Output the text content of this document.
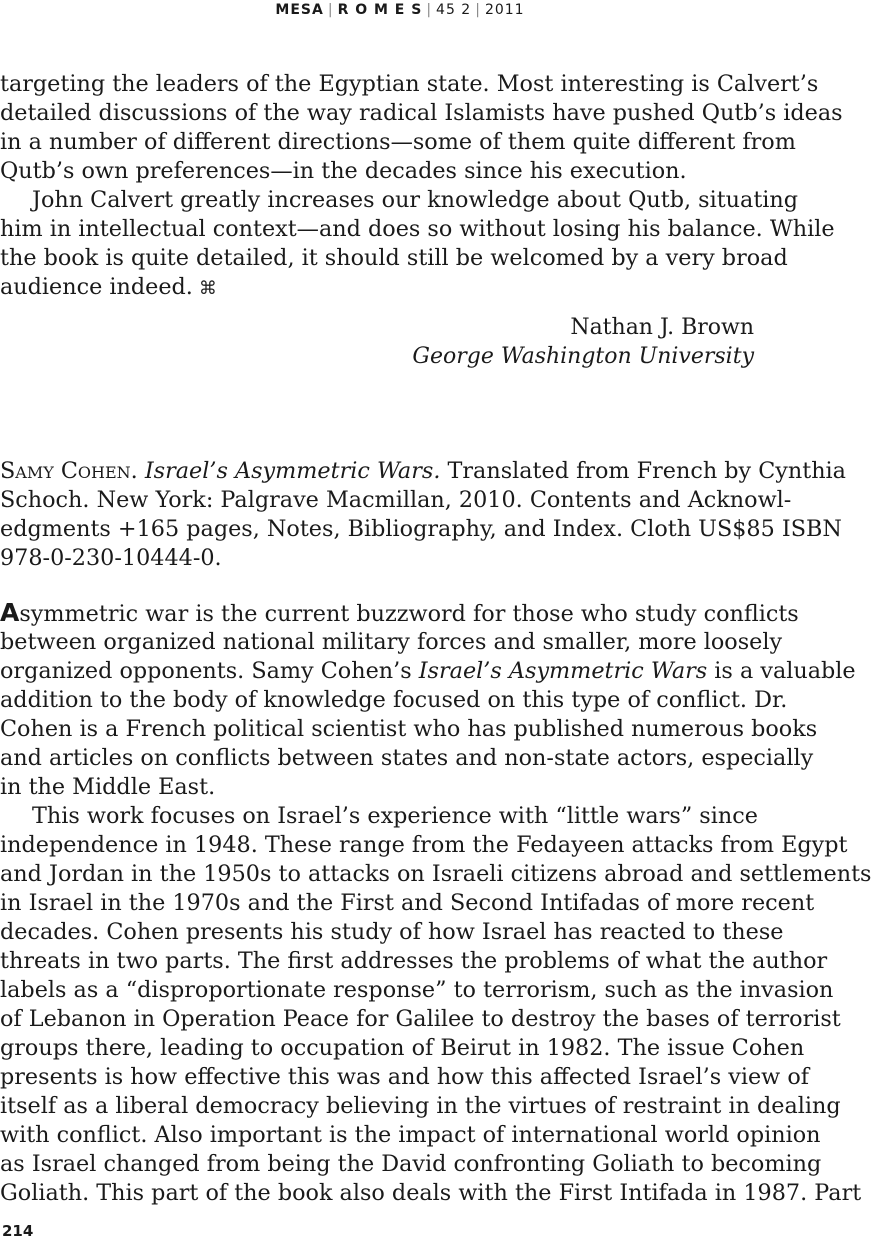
MESA | R O M E S | 45 2 | 2011
targeting the leaders of the Egyptian state. Most interesting is Calvert’s
detailed discussions of the way radical Islamists have pushed Qutb’s ideas
in a number of different directions—some of them quite different from
Qutb’s own preferences—in the decades since his execution.
John Calvert greatly increases our knowledge about Qutb, situating
him in intellectual context—and does so without losing his balance. While
the book is quite detailed, it should still be welcomed by a very broad
audience indeed. ⌘
Nathan J. Brown
George Washington University
Samy Cohen. Israel’s Asymmetric Wars. Translated from French by Cynthia
Schoch. New York: Palgrave Macmillan, 2010. Contents and Acknowl-
edgments +165 pages, Notes, Bibliography, and Index. Cloth US$85 ISBN
978-0-230-10444-0.
Asymmetric war is the current buzzword for those who study conflicts
between organized national military forces and smaller, more loosely
organized opponents. Samy Cohen’s Israel’s Asymmetric Wars is a valuable
addition to the body of knowledge focused on this type of conflict. Dr.
Cohen is a French political scientist who has published numerous books
and articles on conflicts between states and non-state actors, especially
in the Middle East.
This work focuses on Israel’s experience with “little wars” since
independence in 1948. These range from the Fedayeen attacks from Egypt
and Jordan in the 1950s to attacks on Israeli citizens abroad and settlements
in Israel in the 1970s and the First and Second Intifadas of more recent
decades. Cohen presents his study of how Israel has reacted to these
threats in two parts. The first addresses the problems of what the author
labels as a “disproportionate response” to terrorism, such as the invasion
of Lebanon in Operation Peace for Galilee to destroy the bases of terrorist
groups there, leading to occupation of Beirut in 1982. The issue Cohen
presents is how effective this was and how this affected Israel’s view of
itself as a liberal democracy believing in the virtues of restraint in dealing
with conflict. Also important is the impact of international world opinion
as Israel changed from being the David confronting Goliath to becoming
Goliath. This part of the book also deals with the First Intifada in 1987. Part
214
